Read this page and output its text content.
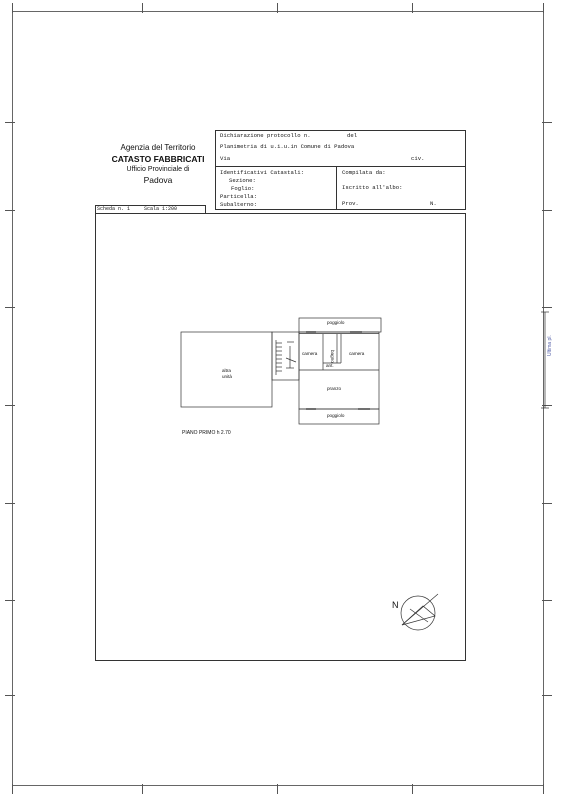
Agenzia del Territorio
CATASTO FABBRICATI
Ufficio Provinciale di
Padova
Dichiarazione protocollo n.	del
Planimetria di u.i.u.in Comune di Padova
Via	civ.
Identificativi Catastali:
Sezione:
Foglio:
Particella:
Subalterno:
Compilata da:
Iscritto all'albo:
Prov.	N.
Scheda n. 1	Scala 1:200
poggiolo
poggiolo
camera	bagno	camera
ant.
pranzo
altra
unità
PIANO PRIMO h 2.70
N
Ultima pl.
